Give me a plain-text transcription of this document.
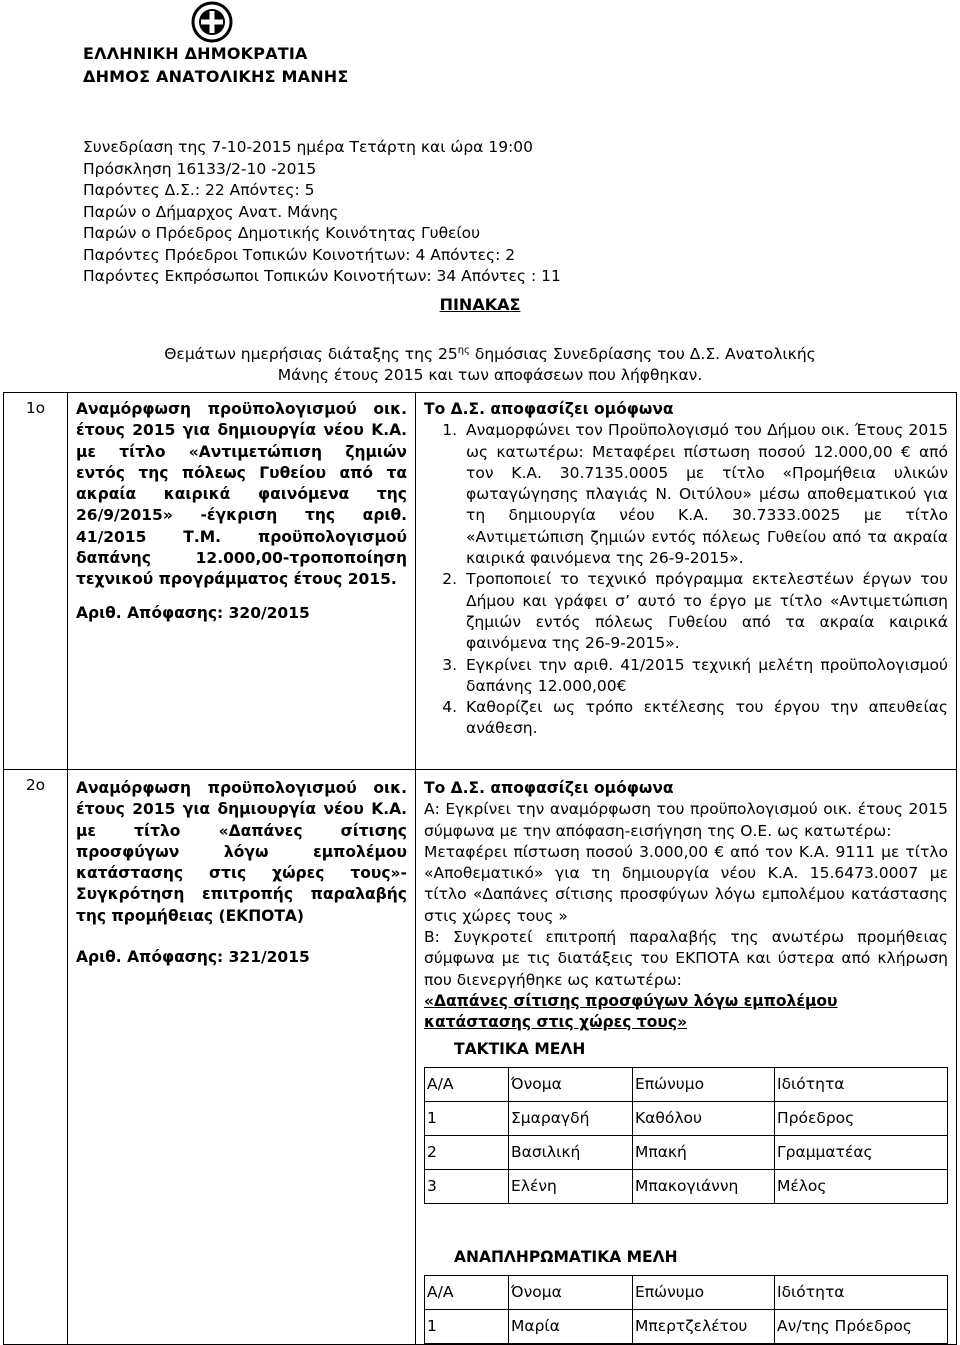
ΕΛΛΗΝΙΚΗ ΔΗΜΟΚΡΑΤΙΑ
ΔΗΜΟΣ ΑΝΑΤΟΛΙΚΗΣ ΜΑΝΗΣ
Συνεδρίαση της 7-10-2015 ημέρα Τετάρτη και ώρα 19:00
Πρόσκληση 16133/2-10 -2015
Παρόντες Δ.Σ.: 22 Απόντες: 5
Παρών ο Δήμαρχος Ανατ. Μάνης
Παρών ο Πρόεδρος Δημοτικής Κοινότητας Γυθείου
Παρόντες Πρόεδροι Τοπικών Κοινοτήτων: 4 Απόντες: 2
Παρόντες Εκπρόσωποι Τοπικών Κοινοτήτων: 34 Απόντες : 11
ΠΙΝΑΚΑΣ
Θεμάτων ημερήσιας διάταξης της $25^{\eta\varsigma}$ δημόσιας Συνεδρίασης του Δ.Σ. Ανατολικής
Μάνης έτους 2015 και των αποφάσεων που λήφθηκαν.
1ο	Αναμόρφωση προϋπολογισμού οικ. έτους 2015 για δημιουργία νέου Κ.Α. με τίτλο «Αντιμετώπιση ζημιών εντός της πόλεως Γυθείου από τα ακραία καιρικά φαινόμενα της 26/9/2015» -έγκριση της αριθ. 41/2015 Τ.Μ. προϋπολογισμού δαπάνης 12.000,00-τροποποίηση τεχνικού προγράμματος έτους 2015.
Αριθ. Απόφασης: 320/2015

Το Δ.Σ. αποφασίζει ομόφωνα
1. Αναμορφώνει τον Προϋπολογισμό του Δήμου οικ. Έτους 2015 ως κατωτέρω: Μεταφέρει πίστωση ποσού 12.000,00 € από τον Κ.Α. 30.7135.0005 με τίτλο «Προμήθεια υλικών φωταγώγησης πλαγιάς Ν. Οιτύλου» μέσω αποθεματικού για τη δημιουργία νέου Κ.Α. 30.7333.0025 με τίτλο «Αντιμετώπιση ζημιών εντός πόλεως Γυθείου από τα ακραία καιρικά φαινόμενα της 26-9-2015».
2. Τροποποιεί το τεχνικό πρόγραμμα εκτελεστέων έργων του Δήμου και γράφει σ’ αυτό το έργο με τίτλο «Αντιμετώπιση ζημιών εντός πόλεως Γυθείου από τα ακραία καιρικά φαινόμενα της 26-9-2015».
3. Εγκρίνει την αριθ. 41/2015 τεχνική μελέτη προϋπολογισμού δαπάνης 12.000,00€
4. Καθορίζει ως τρόπο εκτέλεσης του έργου την απευθείας ανάθεση.

2ο	Αναμόρφωση προϋπολογισμού οικ. έτους 2015 για δημιουργία νέου Κ.Α. με τίτλο «Δαπάνες σίτισης προσφύγων λόγω εμπολέμου κατάστασης στις χώρες τους»-Συγκρότηση επιτροπής παραλαβής της προμήθειας (ΕΚΠΟΤΑ)
Αριθ. Απόφασης: 321/2015

Το Δ.Σ. αποφασίζει ομόφωνα
Α: Εγκρίνει την αναμόρφωση του προϋπολογισμού οικ. έτους 2015 σύμφωνα με την απόφαση-εισήγηση της Ο.Ε. ως κατωτέρω:
Μεταφέρει πίστωση ποσού 3.000,00 € από τον Κ.Α. 9111 με τίτλο «Αποθεματικό» για τη δημιουργία νέου Κ.Α. 15.6473.0007 με τίτλο «Δαπάνες σίτισης προσφύγων λόγω εμπολέμου κατάστασης στις χώρες τους »
Β: Συγκροτεί επιτροπή παραλαβής της ανωτέρω προμήθειας σύμφωνα με τις διατάξεις του ΕΚΠΟΤΑ και ύστερα από κλήρωση που διενεργήθηκε ως κατωτέρω:
«Δαπάνες σίτισης προσφύγων λόγω εμπολέμου κατάστασης στις χώρες τους»
ΤΑΚΤΙΚΑ ΜΕΛΗ
Α/Α	Όνομα	Επώνυμο	Ιδιότητα
1	Σμαραγδή	Καθόλου	Πρόεδρος
2	Βασιλική	Μπακή	Γραμματέας
3	Ελένη	Μπακογιάννη	Μέλος
ΑΝΑΠΛΗΡΩΜΑΤΙΚΑ ΜΕΛΗ
Α/Α	Όνομα	Επώνυμο	Ιδιότητα
1	Μαρία	Μπερτζελέτου	Αν/της Πρόεδρος
